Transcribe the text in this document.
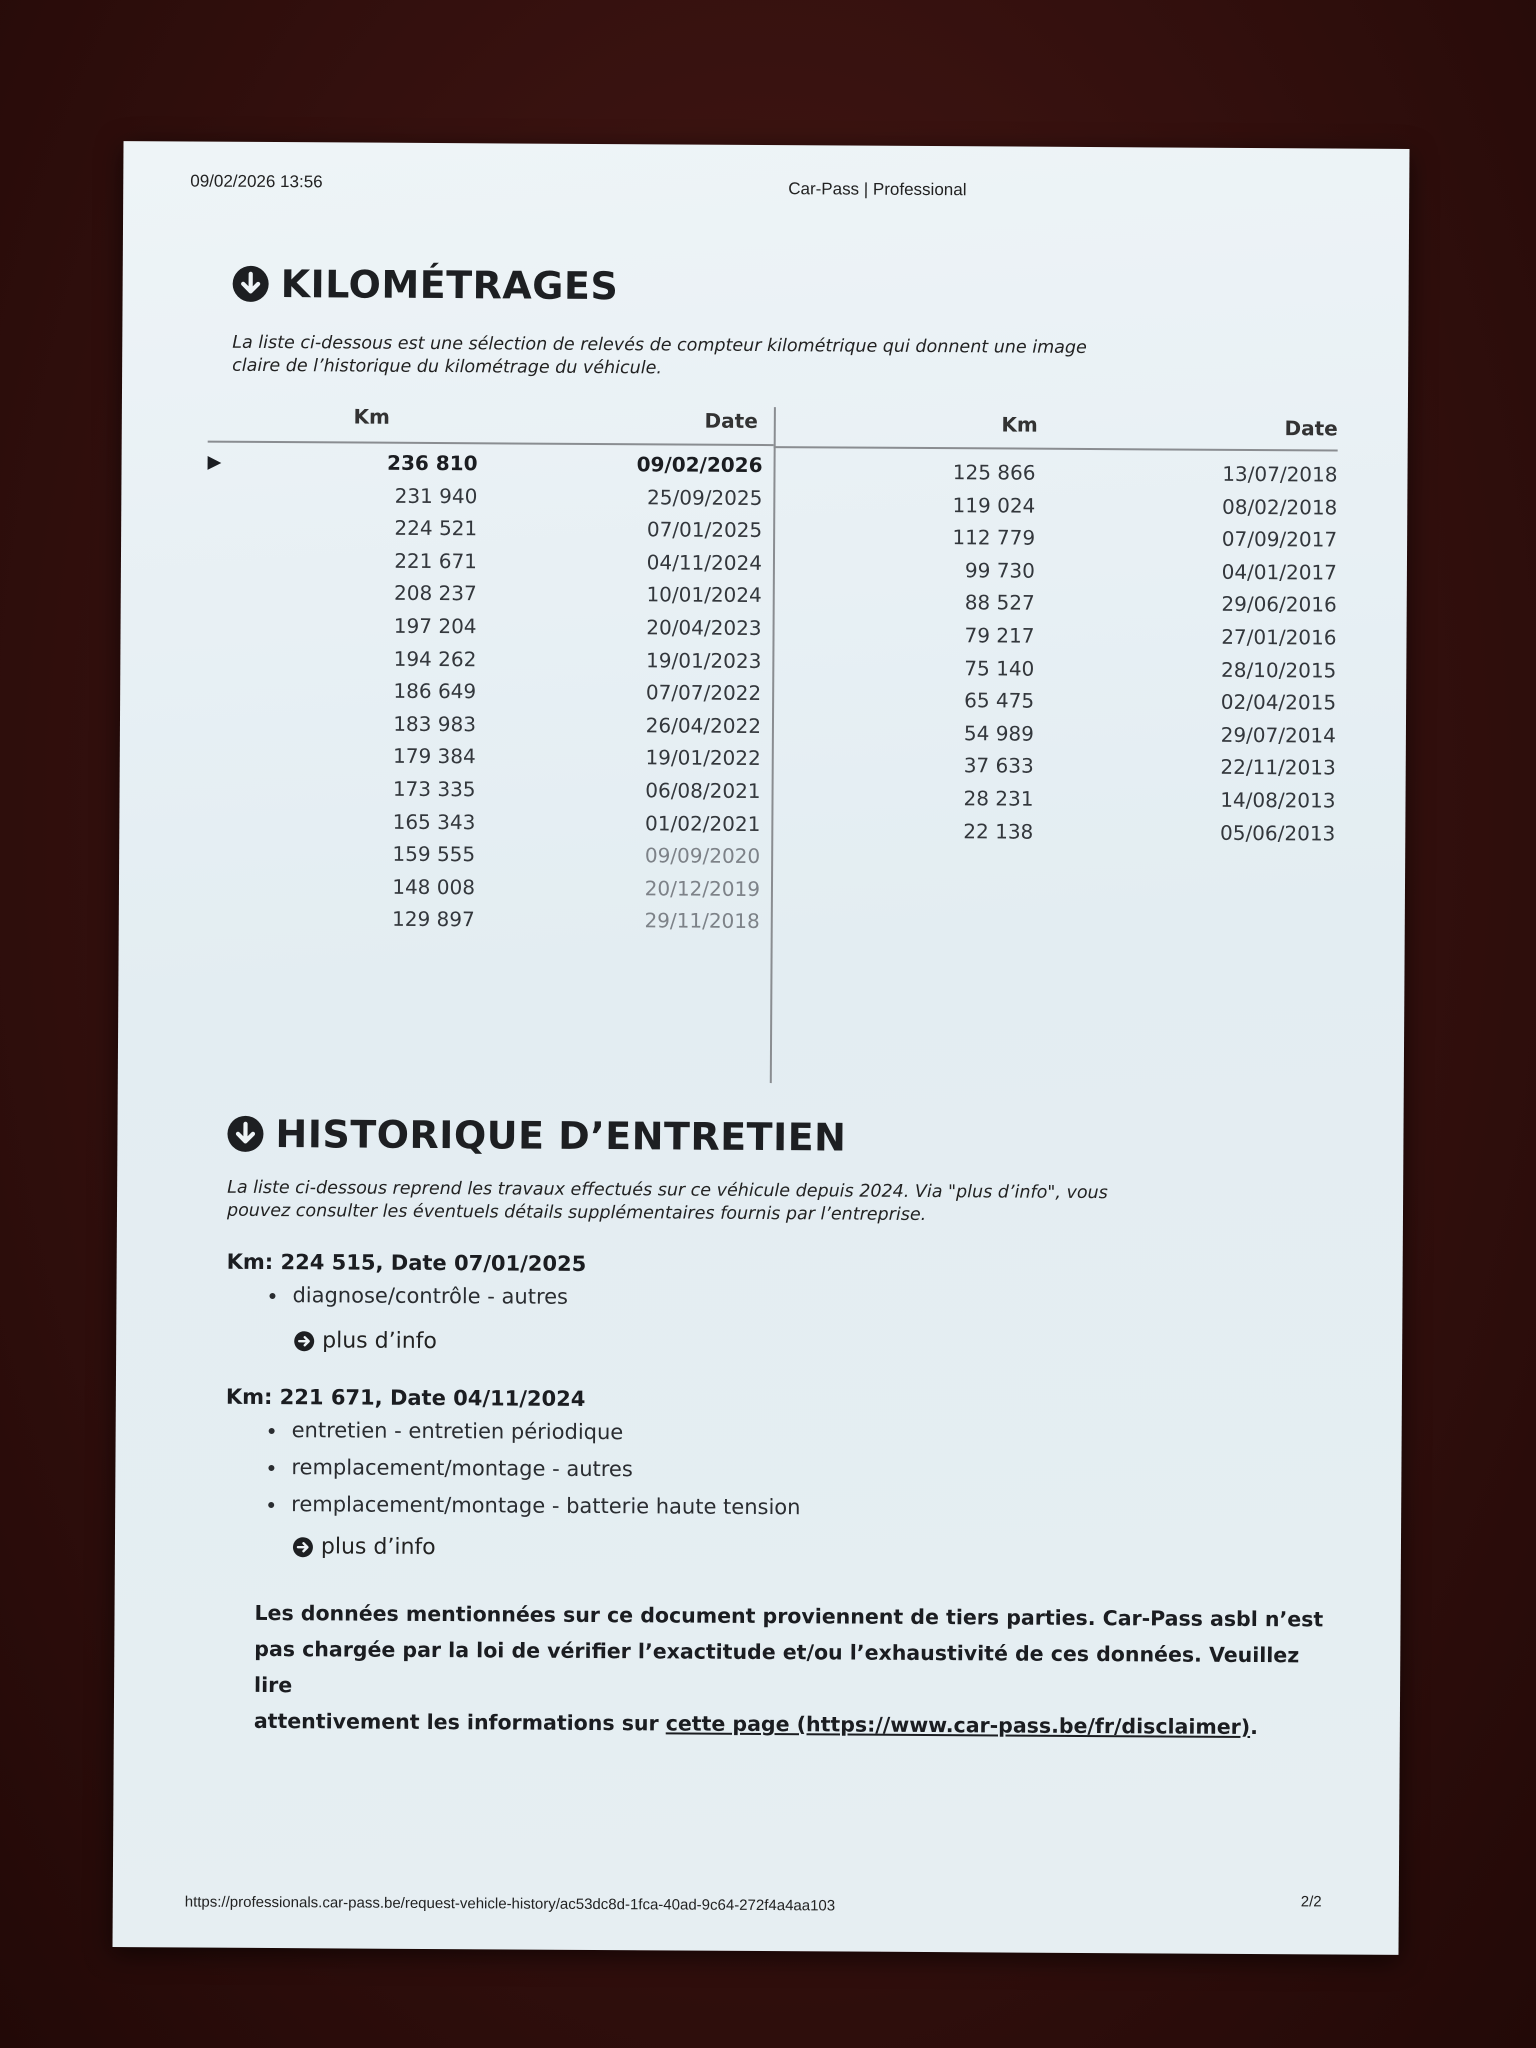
09/02/2026 13:56	Car-Pass | Professional
KILOMÉTRAGES
La liste ci-dessous est une sélection de relevés de compteur kilométrique qui donnent une image
claire de l’historique du kilométrage du véhicule.
Km	Date	Km	Date
▶	236 810	09/02/2026
231 940	25/09/2025
224 521	07/01/2025
221 671	04/11/2024
208 237	10/01/2024
197 204	20/04/2023
194 262	19/01/2023
186 649	07/07/2022
183 983	26/04/2022
179 384	19/01/2022
173 335	06/08/2021
165 343	01/02/2021
159 555	09/09/2020
148 008	20/12/2019
129 897	29/11/2018
125 866	13/07/2018
119 024	08/02/2018
112 779	07/09/2017
99 730	04/01/2017
88 527	29/06/2016
79 217	27/01/2016
75 140	28/10/2015
65 475	02/04/2015
54 989	29/07/2014
37 633	22/11/2013
28 231	14/08/2013
22 138	05/06/2013
HISTORIQUE D’ENTRETIEN
La liste ci-dessous reprend les travaux effectués sur ce véhicule depuis 2024. Via "plus d’info", vous
pouvez consulter les éventuels détails supplémentaires fournis par l’entreprise.
Km: 224 515, Date 07/01/2025
• diagnose/contrôle - autres
plus d’info
Km: 221 671, Date 04/11/2024
• entretien - entretien périodique
• remplacement/montage - autres
• remplacement/montage - batterie haute tension
plus d’info
Les données mentionnées sur ce document proviennent de tiers parties. Car-Pass asbl n’est
pas chargée par la loi de vérifier l’exactitude et/ou l’exhaustivité de ces données. Veuillez lire
attentivement les informations sur cette page (https://www.car-pass.be/fr/disclaimer).
https://professionals.car-pass.be/request-vehicle-history/ac53dc8d-1fca-40ad-9c64-272f4a4aa103	2/2
